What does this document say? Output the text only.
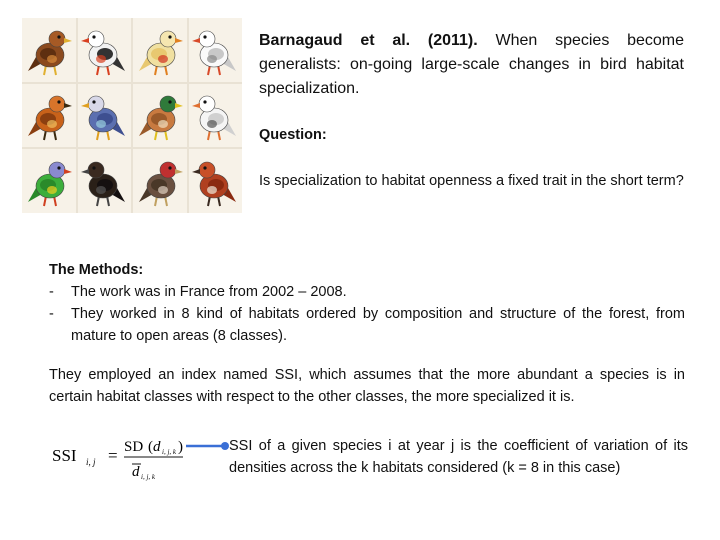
Barnagaud et al. (2011). When species become generalists: on-going large-scale changes in bird habitat specialization.
Question:
Is specialization to habitat openness a fixed trait in the short term?
The Methods:
-	The work was in France from 2002 – 2008.
-	They worked in 8 kind of habitats ordered by composition and structure of the forest, from mature to open areas (8 classes).
They employed an index named SSI, which assumes that the more abundant a species is in certain habitat classes with respect to the other classes, the more specialized it is.
SSI i, j = SD ( d i, j, k )
d i, j, k
SSI of a given species i at year j is the coefficient of variation of its densities across the k habitats considered (k = 8 in this case)
